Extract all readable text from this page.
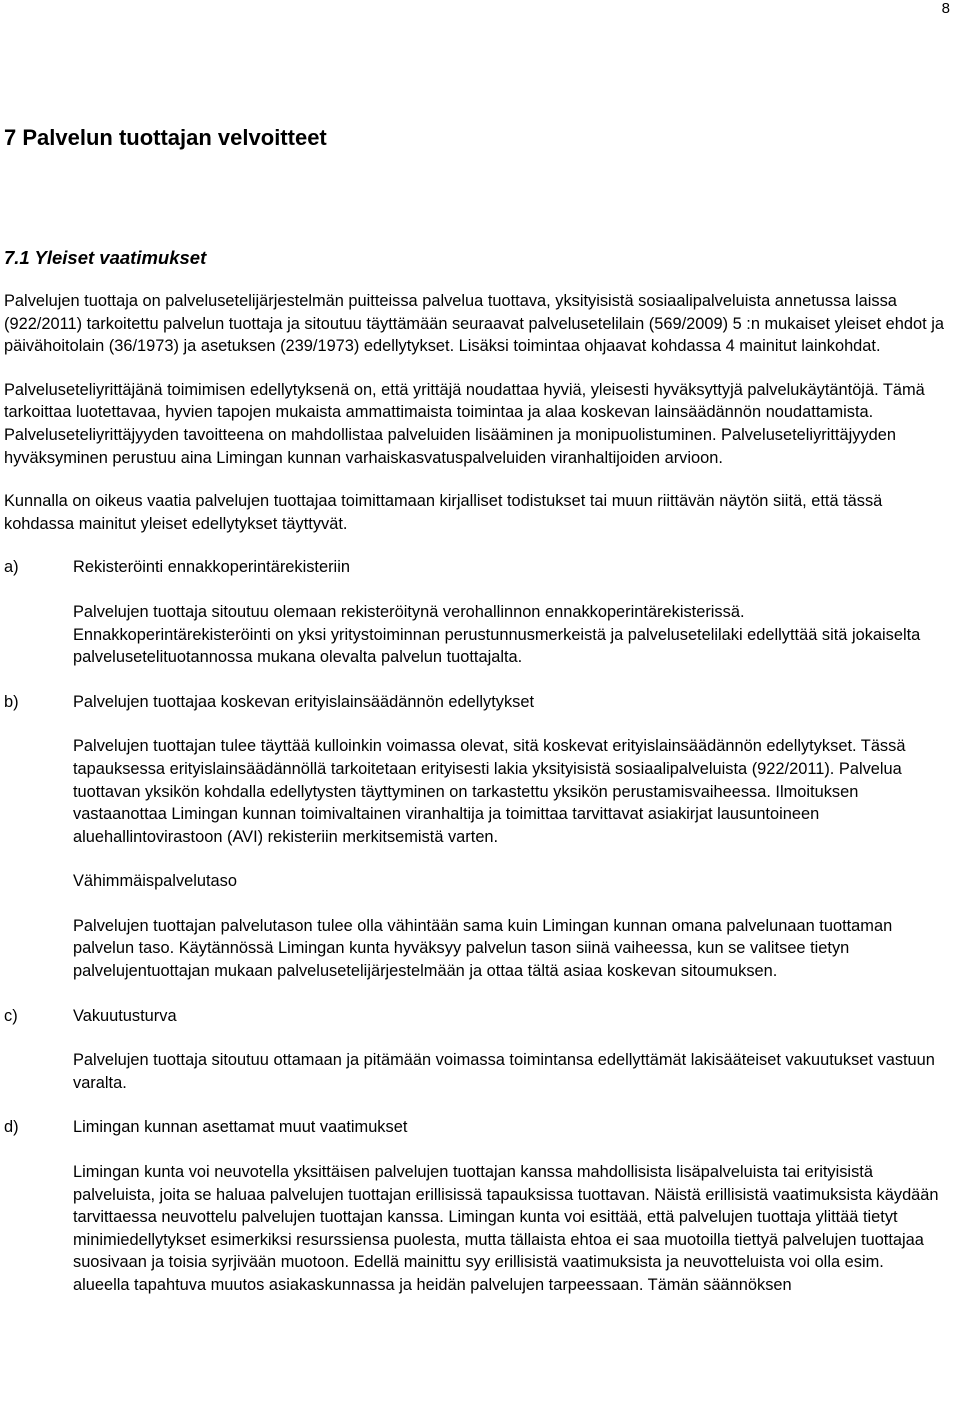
8
7 Palvelun tuottajan velvoitteet
7.1 Yleiset vaatimukset

Palvelujen tuottaja on palvelusetelijärjestelmän puitteissa palvelua tuottava, yksityisistä sosiaalipalveluista annetussa laissa (922/2011) tarkoitettu palvelun tuottaja ja sitoutuu täyttämään seuraavat palvelusetelilain (569/2009) 5 :n mukaiset yleiset ehdot ja päivähoitolain (36/1973) ja asetuksen (239/1973) edellytykset. Lisäksi toimintaa ohjaavat kohdassa 4 mainitut lainkohdat.

Palveluseteliyrittäjänä toimimisen edellytyksenä on, että yrittäjä noudattaa hyviä, yleisesti hyväksyttyjä palvelukäytäntöjä. Tämä tarkoittaa luotettavaa, hyvien tapojen mukaista ammattimaista toimintaa ja alaa koskevan lainsäädännön noudattamista. Palveluseteliyrittäjyyden tavoitteena on mahdollistaa palveluiden lisääminen ja monipuolistuminen. Palveluseteliyrittäjyyden hyväksyminen perustuu aina Limingan kunnan varhaiskasvatuspalveluiden viranhaltijoiden arvioon.

Kunnalla on oikeus vaatia palvelujen tuottajaa toimittamaan kirjalliset todistukset tai muun riittävän näytön siitä, että tässä kohdassa mainitut yleiset edellytykset täyttyvät.

a)	Rekisteröinti ennakkoperintärekisteriin

Palvelujen tuottaja sitoutuu olemaan rekisteröitynä verohallinnon ennakkoperintärekisterissä. Ennakkoperintärekisteröinti on yksi yritystoiminnan perustunnusmerkeistä ja palvelusetelilaki edellyttää sitä jokaiselta palvelusetelituotannossa mukana olevalta palvelun tuottajalta.

b)	Palvelujen tuottajaa koskevan erityislainsäädännön edellytykset

Palvelujen tuottajan tulee täyttää kulloinkin voimassa olevat, sitä koskevat erityislainsäädännön edellytykset. Tässä tapauksessa erityislainsäädännöllä tarkoitetaan erityisesti lakia yksityisistä sosiaalipalveluista (922/2011). Palvelua tuottavan yksikön kohdalla edellytysten täyttyminen on tarkastettu yksikön perustamisvaiheessa. Ilmoituksen vastaanottaa Limingan kunnan toimivaltainen viranhaltija ja toimittaa tarvittavat asiakirjat lausuntoineen aluehallintovirastoon (AVI) rekisteriin merkitsemistä varten.

Vähimmäispalvelutaso

Palvelujen tuottajan palvelutason tulee olla vähintään sama kuin Limingan kunnan omana palvelunaan tuottaman palvelun taso. Käytännössä Limingan kunta hyväksyy palvelun tason siinä vaiheessa, kun se valitsee tietyn palvelujentuottajan mukaan palvelusetelijärjestelmään ja ottaa tältä asiaa koskevan sitoumuksen.

c)	Vakuutusturva

Palvelujen tuottaja sitoutuu ottamaan ja pitämään voimassa toimintansa edellyttämät lakisääteiset vakuutukset vastuun varalta.

d)	Limingan kunnan asettamat muut vaatimukset

Limingan kunta voi neuvotella yksittäisen palvelujen tuottajan kanssa mahdollisista lisäpalveluista tai erityisistä palveluista, joita se haluaa palvelujen tuottajan erillisissä tapauksissa tuottavan. Näistä erillisistä vaatimuksista käydään tarvittaessa neuvottelu palvelujen tuottajan kanssa. Limingan kunta voi esittää, että palvelujen tuottaja ylittää tietyt minimiedellytykset esimerkiksi resurssiensa puolesta, mutta tällaista ehtoa ei saa muotoilla tiettyä palvelujen tuottajaa suosivaan ja toisia syrjivään muotoon. Edellä mainittu syy erillisistä vaatimuksista ja neuvotteluista voi olla esim. alueella tapahtuva muutos asiakaskunnassa ja heidän palvelujen tarpeessaan. Tämän säännöksen
